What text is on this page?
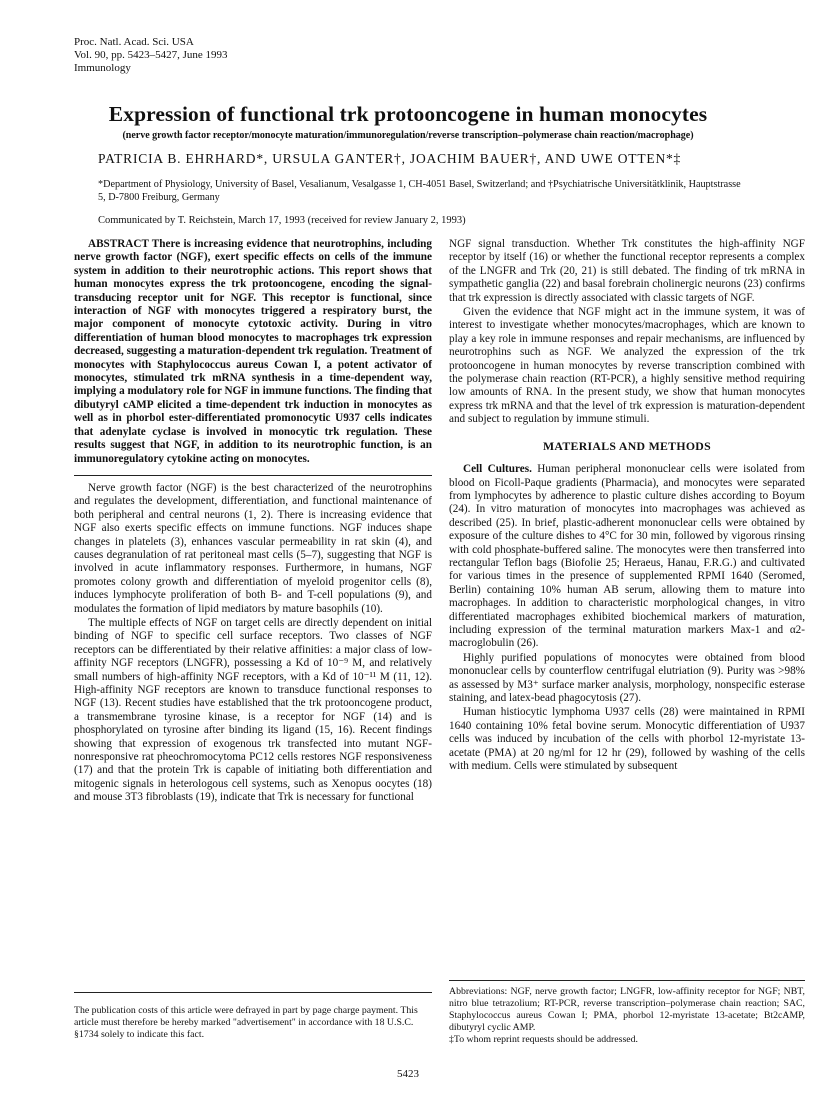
Proc. Natl. Acad. Sci. USA
Vol. 90, pp. 5423–5427, June 1993
Immunology
Expression of functional trk protooncogene in human monocytes
(nerve growth factor receptor/monocyte maturation/immunoregulation/reverse transcription–polymerase chain reaction/macrophage)
PATRICIA B. EHRHARD*, URSULA GANTER†, JOACHIM BAUER†, AND UWE OTTEN*‡
*Department of Physiology, University of Basel, Vesalianum, Vesalgasse 1, CH-4051 Basel, Switzerland; and †Psychiatrische Universitätklinik, Hauptstrasse 5, D-7800 Freiburg, Germany
Communicated by T. Reichstein, March 17, 1993 (received for review January 2, 1993)

ABSTRACT There is increasing evidence that neurotrophins, including nerve growth factor (NGF), exert specific effects on cells of the immune system in addition to their neurotrophic actions. This report shows that human monocytes express the trk protooncogene, encoding the signal-transducing receptor unit for NGF. This receptor is functional, since interaction of NGF with monocytes triggered a respiratory burst, the major component of monocyte cytotoxic activity. During in vitro differentiation of human blood monocytes to macrophages trk expression decreased, suggesting a maturation-dependent trk regulation. Treatment of monocytes with Staphylococcus aureus Cowan I, a potent activator of monocytes, stimulated trk mRNA synthesis in a time-dependent way, implying a modulatory role for NGF in immune functions. The finding that dibutyryl cAMP elicited a time-dependent trk induction in monocytes as well as in phorbol ester-differentiated promonocytic U937 cells indicates that adenylate cyclase is involved in monocytic trk regulation. These results suggest that NGF, in addition to its neurotrophic function, is an immunoregulatory cytokine acting on monocytes.

Nerve growth factor (NGF) is the best characterized of the neurotrophins and regulates the development, differentiation, and functional maintenance of both peripheral and central neurons (1, 2). There is increasing evidence that NGF also exerts specific effects on immune functions. NGF induces shape changes in platelets (3), enhances vascular permeability in rat skin (4), and causes degranulation of rat peritoneal mast cells (5–7), suggesting that NGF is involved in acute inflammatory responses. Furthermore, in humans, NGF promotes colony growth and differentiation of myeloid progenitor cells (8), induces lymphocyte proliferation of both B- and T-cell populations (9), and modulates the formation of lipid mediators by mature basophils (10).

The multiple effects of NGF on target cells are directly dependent on initial binding of NGF to specific cell surface receptors. Two classes of NGF receptors can be differentiated by their relative affinities: a major class of low-affinity NGF receptors (LNGFR), possessing a Kd of 10⁻⁹ M, and relatively small numbers of high-affinity NGF receptors, with a Kd of 10⁻¹¹ M (11, 12). High-affinity NGF receptors are known to transduce functional responses to NGF (13). Recent studies have established that the trk protooncogene product, a transmembrane tyrosine kinase, is a receptor for NGF (14) and is phosphorylated on tyrosine after binding its ligand (15, 16). Recent findings showing that expression of exogenous trk transfected into mutant NGF-nonresponsive rat pheochromocytoma PC12 cells restores NGF responsiveness (17) and that the protein Trk is capable of initiating both differentiation and mitogenic signals in heterologous cell systems, such as Xenopus oocytes (18) and mouse 3T3 fibroblasts (19), indicate that Trk is necessary for functional

The publication costs of this article were defrayed in part by page charge payment. This article must therefore be hereby marked "advertisement" in accordance with 18 U.S.C. §1734 solely to indicate this fact.

NGF signal transduction. Whether Trk constitutes the high-affinity NGF receptor by itself (16) or whether the functional receptor represents a complex of the LNGFR and Trk (20, 21) is still debated. The finding of trk mRNA in sympathetic ganglia (22) and basal forebrain cholinergic neurons (23) confirms that trk expression is directly associated with classic targets of NGF.

Given the evidence that NGF might act in the immune system, it was of interest to investigate whether monocytes/macrophages, which are known to play a key role in immune responses and repair mechanisms, are influenced by neurotrophins such as NGF. We analyzed the expression of the trk protooncogene in human monocytes by reverse transcription combined with the polymerase chain reaction (RT-PCR), a highly sensitive method requiring low amounts of RNA. In the present study, we show that human monocytes express trk mRNA and that the level of trk expression is maturation-dependent and subject to regulation by immune stimuli.

MATERIALS AND METHODS

Cell Cultures. Human peripheral mononuclear cells were isolated from blood on Ficoll-Paque gradients (Pharmacia), and monocytes were separated from lymphocytes by adherence to plastic culture dishes according to Boyum (24). In vitro maturation of monocytes into macrophages was achieved as described (25). In brief, plastic-adherent mononuclear cells were obtained by exposure of the culture dishes to 4°C for 30 min, followed by vigorous rinsing with cold phosphate-buffered saline. The monocytes were then transferred into rectangular Teflon bags (Biofolie 25; Heraeus, Hanau, F.R.G.) and cultivated for various times in the presence of supplemented RPMI 1640 (Seromed, Berlin) containing 10% human AB serum, allowing them to mature into macrophages. In addition to characteristic morphological changes, in vitro differentiated macrophages exhibited biochemical markers of maturation, including expression of the terminal maturation markers Max-1 and α2-macroglobulin (26).

Highly purified populations of monocytes were obtained from blood mononuclear cells by counterflow centrifugal elutriation (9). Purity was >98% as assessed by M3⁺ surface marker analysis, morphology, nonspecific esterase staining, and latex-bead phagocytosis (27).

Human histiocytic lymphoma U937 cells (28) were maintained in RPMI 1640 containing 10% fetal bovine serum. Monocytic differentiation of U937 cells was induced by incubation of the cells with phorbol 12-myristate 13-acetate (PMA) at 20 ng/ml for 12 hr (29), followed by washing of the cells with medium. Cells were stimulated by subsequent

Abbreviations: NGF, nerve growth factor; LNGFR, low-affinity receptor for NGF; NBT, nitro blue tetrazolium; RT-PCR, reverse transcription–polymerase chain reaction; SAC, Staphylococcus aureus Cowan I; PMA, phorbol 12-myristate 13-acetate; Bt2cAMP, dibutyryl cyclic AMP.
‡To whom reprint requests should be addressed.
5423
